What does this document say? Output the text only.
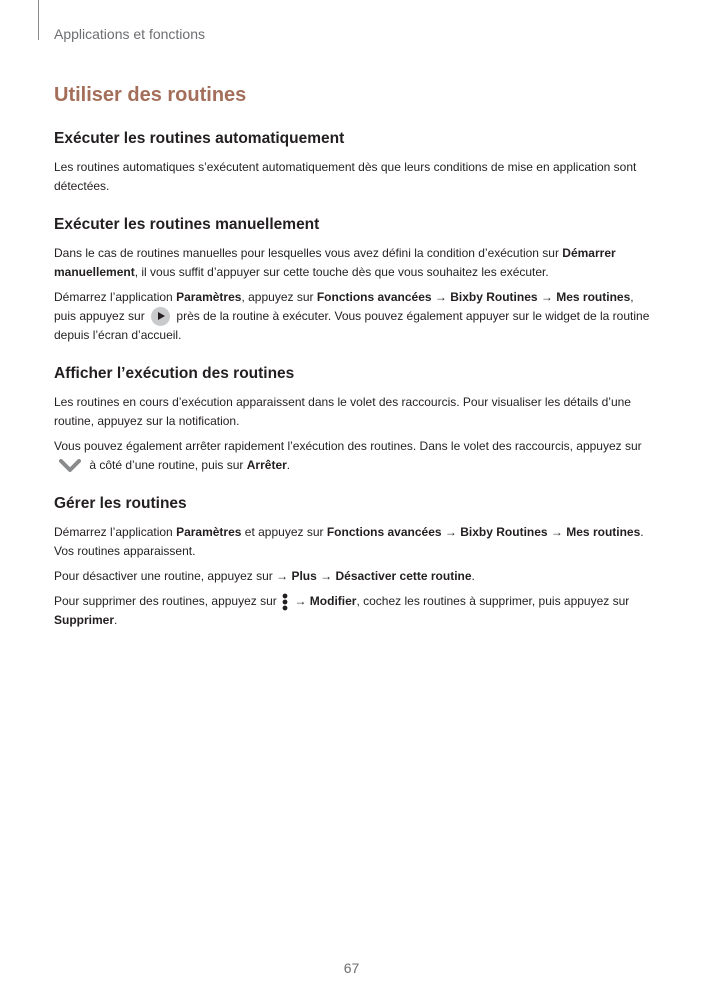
Applications et fonctions
Utiliser des routines
Exécuter les routines automatiquement

Les routines automatiques s’exécutent automatiquement dès que leurs conditions de mise en application sont détectées.

Exécuter les routines manuellement

Dans le cas de routines manuelles pour lesquelles vous avez défini la condition d’exécution sur Démarrer manuellement, il vous suffit d’appuyer sur cette touche dès que vous souhaitez les exécuter.

Démarrez l’application Paramètres, appuyez sur Fonctions avancées → Bixby Routines → Mes routines, puis appuyez sur  près de la routine à exécuter. Vous pouvez également appuyer sur le widget de la routine depuis l’écran d’accueil.

Afficher l’exécution des routines

Les routines en cours d’exécution apparaissent dans le volet des raccourcis. Pour visualiser les détails d’une routine, appuyez sur la notification.

Vous pouvez également arrêter rapidement l’exécution des routines. Dans le volet des raccourcis, appuyez sur  à côté d’une routine, puis sur Arrêter.

Gérer les routines

Démarrez l’application Paramètres et appuyez sur Fonctions avancées → Bixby Routines → Mes routines. Vos routines apparaissent.

Pour désactiver une routine, appuyez sur → Plus → Désactiver cette routine.

Pour supprimer des routines, appuyez sur  → Modifier, cochez les routines à supprimer, puis appuyez sur Supprimer.

67
